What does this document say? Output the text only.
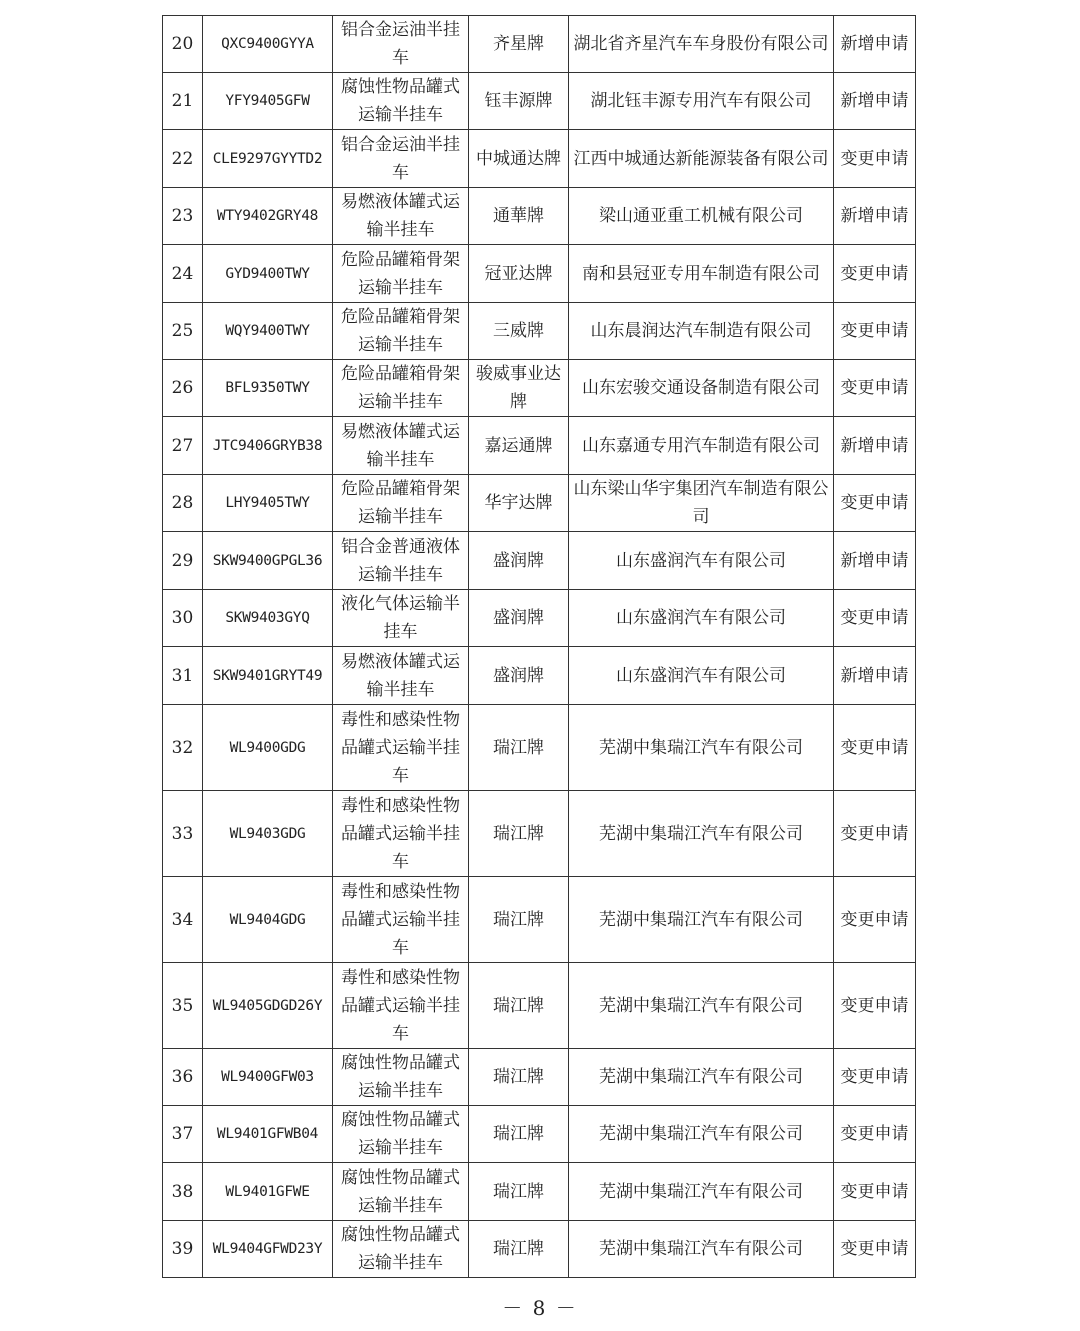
20	QXC9400GYYA	铝合金运油半挂车	齐星牌	湖北省齐星汽车车身股份有限公司	新增申请
21	YFY9405GFW	腐蚀性物品罐式运输半挂车	钰丰源牌	湖北钰丰源专用汽车有限公司	新增申请
22	CLE9297GYYTD2	铝合金运油半挂车	中城通达牌	江西中城通达新能源装备有限公司	变更申请
23	WTY9402GRY48	易燃液体罐式运输半挂车	通華牌	梁山通亚重工机械有限公司	新增申请
24	GYD9400TWY	危险品罐箱骨架运输半挂车	冠亚达牌	南和县冠亚专用车制造有限公司	变更申请
25	WQY9400TWY	危险品罐箱骨架运输半挂车	三威牌	山东晨润达汽车制造有限公司	变更申请
26	BFL9350TWY	危险品罐箱骨架运输半挂车	骏威事业达牌	山东宏骏交通设备制造有限公司	变更申请
27	JTC9406GRYB38	易燃液体罐式运输半挂车	嘉运通牌	山东嘉通专用汽车制造有限公司	新增申请
28	LHY9405TWY	危险品罐箱骨架运输半挂车	华宇达牌	山东梁山华宇集团汽车制造有限公司	变更申请
29	SKW9400GPGL36	铝合金普通液体运输半挂车	盛润牌	山东盛润汽车有限公司	新增申请
30	SKW9403GYQ	液化气体运输半挂车	盛润牌	山东盛润汽车有限公司	变更申请
31	SKW9401GRYT49	易燃液体罐式运输半挂车	盛润牌	山东盛润汽车有限公司	新增申请
32	WL9400GDG	毒性和感染性物品罐式运输半挂车	瑞江牌	芜湖中集瑞江汽车有限公司	变更申请
33	WL9403GDG	毒性和感染性物品罐式运输半挂车	瑞江牌	芜湖中集瑞江汽车有限公司	变更申请
34	WL9404GDG	毒性和感染性物品罐式运输半挂车	瑞江牌	芜湖中集瑞江汽车有限公司	变更申请
35	WL9405GDGD26Y	毒性和感染性物品罐式运输半挂车	瑞江牌	芜湖中集瑞江汽车有限公司	变更申请
36	WL9400GFW03	腐蚀性物品罐式运输半挂车	瑞江牌	芜湖中集瑞江汽车有限公司	变更申请
37	WL9401GFWB04	腐蚀性物品罐式运输半挂车	瑞江牌	芜湖中集瑞江汽车有限公司	变更申请
38	WL9401GFWE	腐蚀性物品罐式运输半挂车	瑞江牌	芜湖中集瑞江汽车有限公司	变更申请
39	WL9404GFWD23Y	腐蚀性物品罐式运输半挂车	瑞江牌	芜湖中集瑞江汽车有限公司	变更申请
－ 8 －
